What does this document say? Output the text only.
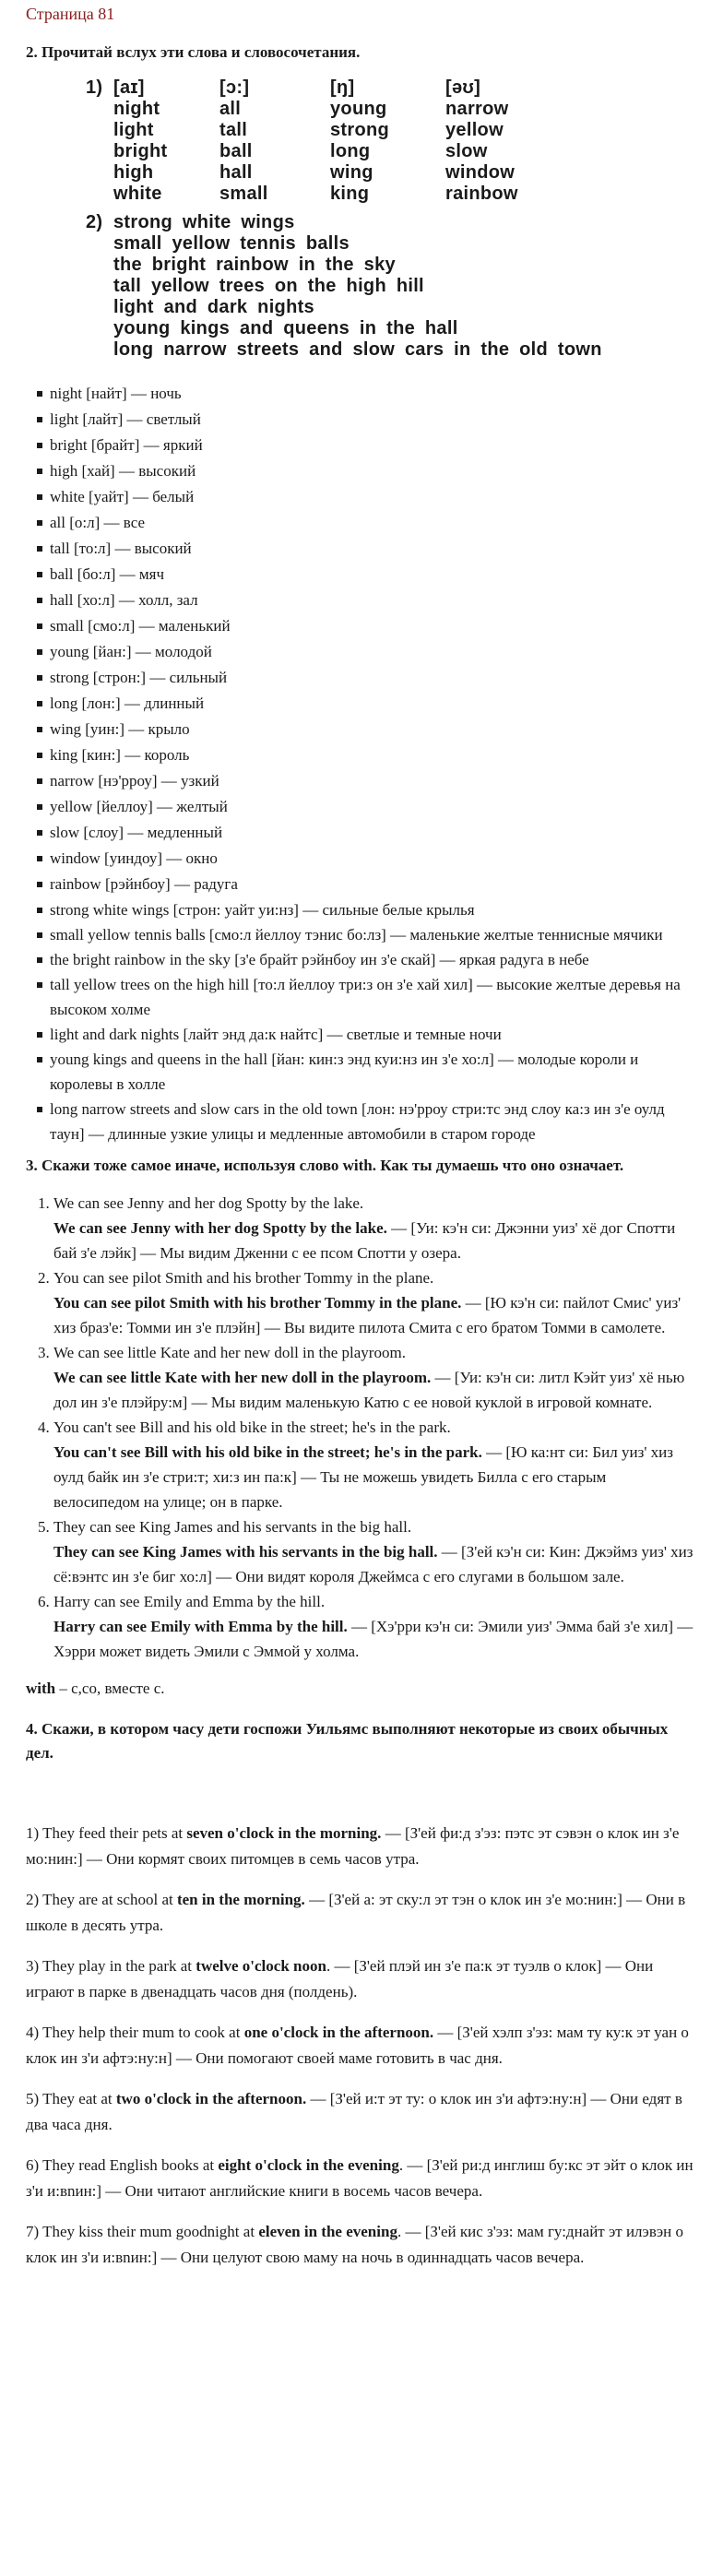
Страница 81
2. Прочитай вслух эти слова и словосочетания.
1) [aɪ]	[ɔ:]	[ŋ]	[əʊ]
night	all	young	narrow
light	tall	strong	yellow
bright	ball	long	slow
high	hall	wing	window
white	small	king	rainbow
2) strong white wings
small yellow tennis balls
the bright rainbow in the sky
tall yellow trees on the high hill
light and dark nights
young kings and queens in the hall
long narrow streets and slow cars in the old town
night [найт] — ночь
light [лайт] — светлый
bright [брайт] — яркий
high [хай] — высокий
white [уайт] — белый
all [о:л] — все
tall [то:л] — высокий
ball [бо:л] — мяч
hall [хо:л] — холл, зал
small [смо:л] — маленький
young [йан:] — молодой
strong [строн:] — сильный
long [лон:] — длинный
wing [уин:] — крыло
king [кин:] — король
narrow [нэ'рроу] — узкий
yellow [йеллоу] — желтый
slow [слоу] — медленный
window [уиндоу] — окно
rainbow [рэйнбоу] — радуга
strong white wings [строн: уайт уи:нз] — сильные белые крылья
small yellow tennis balls [смо:л йеллоу тэнис бо:лз] — маленькие желтые теннисные мячики
the bright rainbow in the sky [з'е брайт рэйнбоу ин з'е скай] — яркая радуга в небе
tall yellow trees on the high hill [то:л йеллоу три:з он з'е хай хил] — высокие желтые деревья на высоком холме
light and dark nights [лайт энд да:к найтс] — светлые и темные ночи
young kings and queens in the hall [йан: кин:з энд куи:нз ин з'е хо:л] — молодые короли и королевы в холле
long narrow streets and slow cars in the old town [лон: нэ'рроу стри:тс энд слоу ка:з ин з'е оулд таун] — длинные узкие улицы и медленные автомобили в старом городе
3. Скажи тоже самое иначе, используя слово with. Как ты думаешь что оно означает.
1. We can see Jenny and her dog Spotty by the lake.
We can see Jenny with her dog Spotty by the lake. — [Уи: кэ'н си: Джэнни уиз' хё дог Спотти бай з'е лэйк] — Мы видим Дженни с ее псом Спотти у озера.
2. You can see pilot Smith and his brother Tommy in the plane.
You can see pilot Smith with his brother Tommy in the plane. — [Ю кэ'н си: пайлот Смис' уиз' хиз браз'е: Томми ин з'е плэйн] — Вы видите пилота Смита с его братом Томми в самолете.
3. We can see little Kate and her new doll in the playroom.
We can see little Kate with her new doll in the playroom. — [Уи: кэ'н си: литл Кэйт уиз' хё нью дол ин з'е плэйру:м] — Мы видим маленькую Катю с ее новой куклой в игровой комнате.
4. You can't see Bill and his old bike in the street; he's in the park.
You can't see Bill with his old bike in the street; he's in the park. — [Ю ка:нт си: Бил уиз' хиз оулд байк ин з'е стри:т; хи:з ин па:к] — Ты не можешь увидеть Билла с его старым велосипедом на улице; он в парке.
5. They can see King James and his servants in the big hall.
They can see King James with his servants in the big hall. — [З'ей кэ'н си: Кин: Джэймз уиз' хиз сё:вэнтс ин з'е биг хо:л] — Они видят короля Джеймса с его слугами в большом зале.
6. Harry can see Emily and Emma by the hill.
Harry can see Emily with Emma by the hill. — [Хэ'рри кэ'н си: Эмили уиз' Эмма бай з'е хил] — Хэрри может видеть Эмили с Эммой у холма.
with – с,со, вместе с.
4. Скажи, в котором часу дети госпожи Уильямс выполняют некоторые из своих обычных дел.

1) They feed their pets at seven o'clock in the morning. — [З'ей фи:д з'эз: пэтс эт сэвэн о клок ин з'е мо:нин:] — Они кормят своих питомцев в семь часов утра.

2) They are at school at ten in the morning. — [З'ей а: эт ску:л эт тэн о клок ин з'е мо:нин:] — Они в школе в десять утра.

3) They play in the park at twelve o'clock noon. — [З'ей плэй ин з'е па:к эт туэлв о клок] — Они играют в парке в двенадцать часов дня (полдень).

4) They help their mum to cook at one o'clock in the afternoon. — [З'ей хэлп з'эз: мам ту ку:к эт уан о клок ин з'и афтэ:ну:н] — Они помогают своей маме готовить в час дня.

5) They eat at two o'clock in the afternoon. — [З'ей и:т эт ту: о клок ин з'и афтэ:ну:н] — Они едят в два часа дня.

6) They read English books at eight o'clock in the evening. — [З'ей ри:д инглиш бу:кс эт эйт о клок ин з'и и:вnин:] — Они читают английские книги в восемь часов вечера.

7) They kiss their mum goodnight at eleven in the evening. — [З'ей кис з'эз: мам гу:днайт эт илэвэн о клок ин з'и и:вnин:] — Они целуют свою маму на ночь в одиннадцать часов вечера.
